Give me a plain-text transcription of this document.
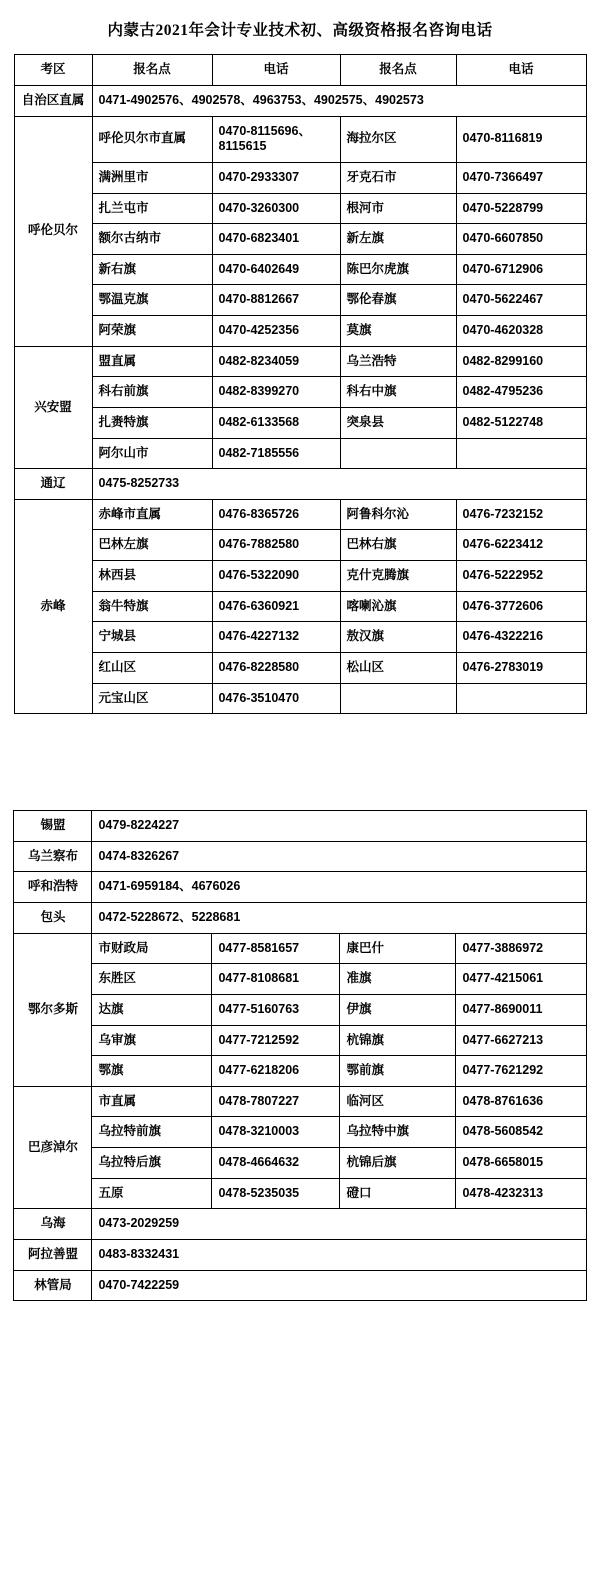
内蒙古2021年会计专业技术初、高级资格报名咨询电话
考区	报名点	电话	报名点	电话
自治区直属	0471-4902576、4902578、4963753、4902575、4902573			
呼伦贝尔	呼伦贝尔市直属	0470-8115696、8115615	海拉尔区	0470-8116819
	满洲里市	0470-2933307	牙克石市	0470-7366497
	扎兰屯市	0470-3260300	根河市	0470-5228799
	额尔古纳市	0470-6823401	新左旗	0470-6607850
	新右旗	0470-6402649	陈巴尔虎旗	0470-6712906
	鄂温克旗	0470-8812667	鄂伦春旗	0470-5622467
	阿荣旗	0470-4252356	莫旗	0470-4620328
兴安盟	盟直属	0482-8234059	乌兰浩特	0482-8299160
	科右前旗	0482-8399270	科右中旗	0482-4795236
	扎赉特旗	0482-6133568	突泉县	0482-5122748
	阿尔山市	0482-7185556		
通辽	0475-8252733			
赤峰	赤峰市直属	0476-8365726	阿鲁科尔沁	0476-7232152
	巴林左旗	0476-7882580	巴林右旗	0476-6223412
	林西县	0476-5322090	克什克腾旗	0476-5222952
	翁牛特旗	0476-6360921	喀喇沁旗	0476-3772606
	宁城县	0476-4227132	敖汉旗	0476-4322216
	红山区	0476-8228580	松山区	0476-2783019
	元宝山区	0476-3510470		
锡盟	0479-8224227			
乌兰察布	0474-8326267			
呼和浩特	0471-6959184、4676026			
包头	0472-5228672、5228681			
鄂尔多斯	市财政局	0477-8581657	康巴什	0477-3886972
	东胜区	0477-8108681	准旗	0477-4215061
	达旗	0477-5160763	伊旗	0477-8690011
	乌审旗	0477-7212592	杭锦旗	0477-6627213
	鄂旗	0477-6218206	鄂前旗	0477-7621292
巴彦淖尔	市直属	0478-7807227	临河区	0478-8761636
	乌拉特前旗	0478-3210003	乌拉特中旗	0478-5608542
	乌拉特后旗	0478-4664632	杭锦后旗	0478-6658015
	五原	0478-5235035	磴口	0478-4232313
乌海	0473-2029259			
阿拉善盟	0483-8332431			
林管局	0470-7422259			
